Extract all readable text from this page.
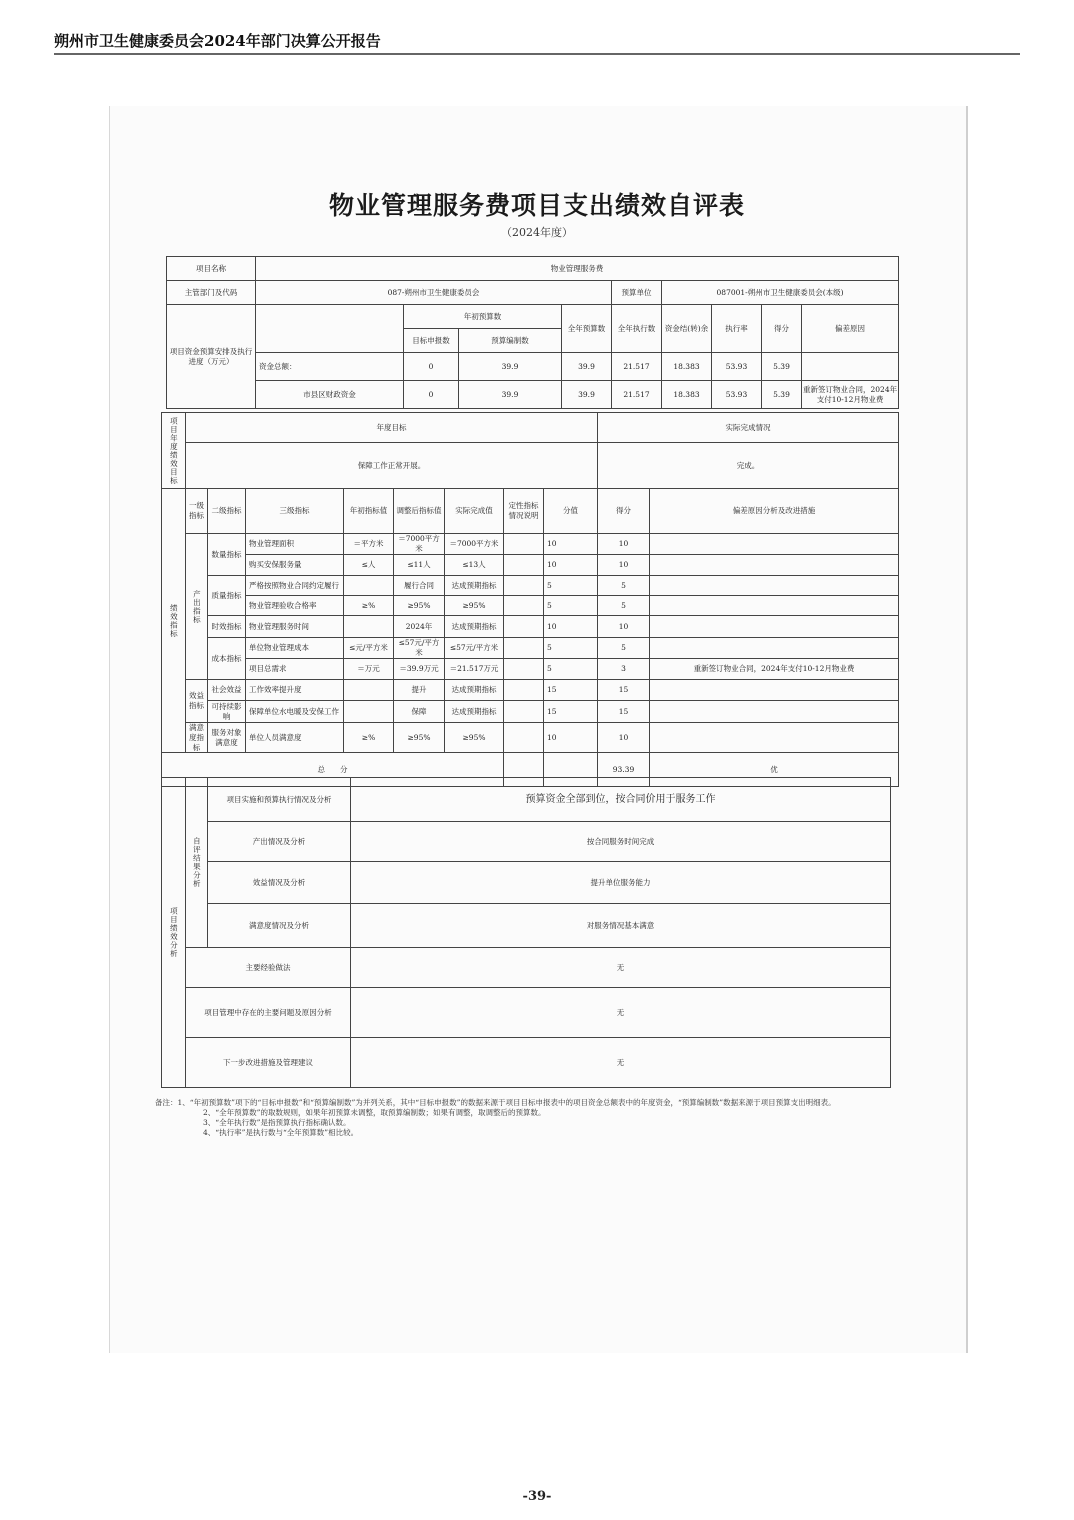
朔州市卫生健康委员会2024年部门决算公开报告
物业管理服务费项目支出绩效自评表
（2024年度）
项目名称	物业管理服务费								
主管部门及代码	087-朔州市卫生健康委员会				预算单位	087001-朔州市卫生健康委员会(本级)			
项目资金预算安排及执行进度（万元）		年初预算数		全年预算数	全年执行数	资金结(转)余	执行率	得分	偏差原因
		目标申报数	预算编制数						
	资金总额：	0	39.9	39.9	21.517	18.383	53.93	5.39	
	市县区财政资金	0	39.9	39.9	21.517	18.383	53.93	5.39	重新签订物业合同，2024年支付10-12月物业费
项目年度绩效目标	年度目标								实际完成情况	
	保障工作正常开展。								完成。	
绩效指标	一级指标	二级指标	三级指标	年初指标值	调整后指标值	实际完成值	定性指标情况说明	分值	得分	偏差原因分析及改进措施
	产出指标	数量指标	物业管理面积	＝平方米	＝7000平方米	＝7000平方米		10	10	
			购买安保服务量	≤人	≤11人	≤13人		10	10	
		质量指标	严格按照物业合同约定履行		履行合同	达成预期指标		5	5	
			物业管理验收合格率	≥%	≥95%	≥95%		5	5	
		时效指标	物业管理服务时间		2024年	达成预期指标		10	10	
		成本指标	单位物业管理成本	≤元/平方米	≤57元/平方米	≤57元/平方米		5	5	
			项目总需求	＝万元	＝39.9万元	＝21.517万元		5	3	重新签订物业合同，2024年支付10-12月物业费
	效益指标	社会效益	工作效率提升度		提升	达成预期指标		15	15	
		可持续影响	保障单位水电暖及安保工作		保障	达成预期指标		15	15	
	满意度指标	服务对象满意度	单位人员满意度	≥%	≥95%	≥95%		10	10	
总　　分									93.39	优
项目绩效分析	自评结果分析	项目实施和预算执行情况及分析	预算资金全部到位，按合同价用于服务工作
		产出情况及分析	按合同服务时间完成
		效益情况及分析	提升单位服务能力
		满意度情况及分析	对服务情况基本满意
	主要经验做法		无
	项目管理中存在的主要问题及原因分析		无
	下一步改进措施及管理建议		无
备注：1、“年初预算数”项下的“目标申报数”和“预算编制数”为并列关系，其中“目标申报数”的数据来源于项目目标申报表中的项目资金总额表中的年度资金，“预算编制数”数据来源于项目预算支出明细表。
2、“全年预算数”的取数规则，如果年初预算未调整，取预算编制数；如果有调整，取调整后的预算数。
3、“全年执行数”是指预算执行指标确认数。
4、“执行率”是执行数与“全年预算数”相比较。
-39-
